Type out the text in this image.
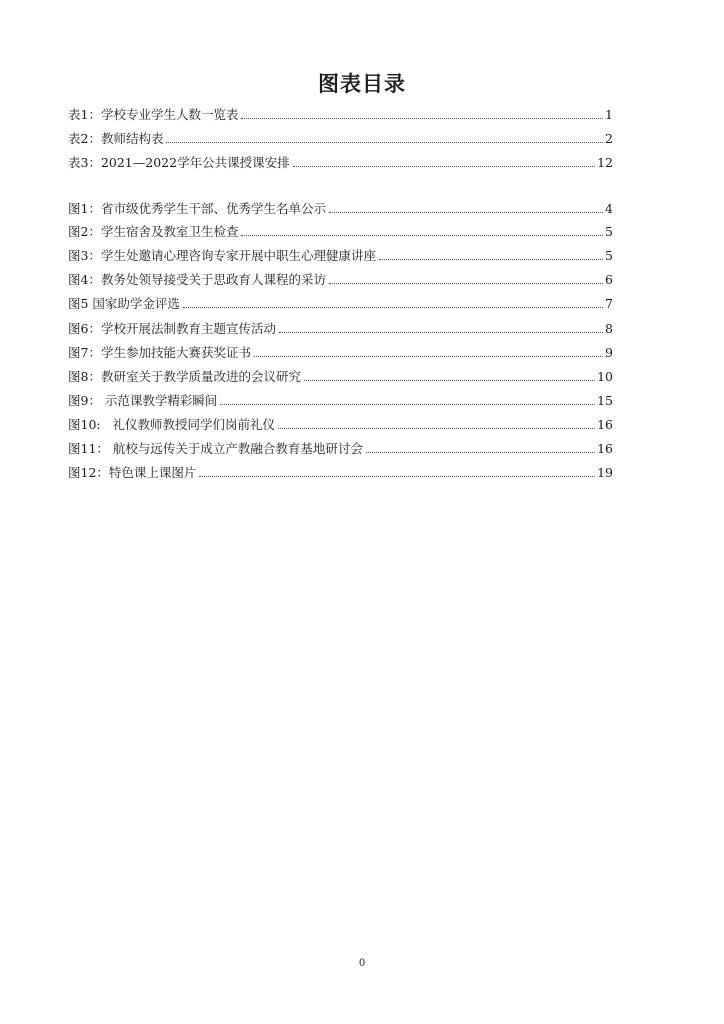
图表目录
表1：学校专业学生人数一览表	1
表2：教师结构表	2
表3：2021—2022学年公共课授课安排	12
图1：省市级优秀学生干部、优秀学生名单公示	4
图2：学生宿舍及教室卫生检查	5
图3：学生处邀请心理咨询专家开展中职生心理健康讲座	5
图4：教务处领导接受关于思政育人课程的采访	6
图5 国家助学金评选	7
图6：学校开展法制教育主题宣传活动	8
图7：学生参加技能大赛获奖证书	9
图8：教研室关于教学质量改进的会议研究	10
图9： 示范课教学精彩瞬间	15
图10:   礼仪教师教授同学们岗前礼仪	16
图11： 航校与远传关于成立产教融合教育基地研讨会	16
图12：特色课上课图片	19
0
